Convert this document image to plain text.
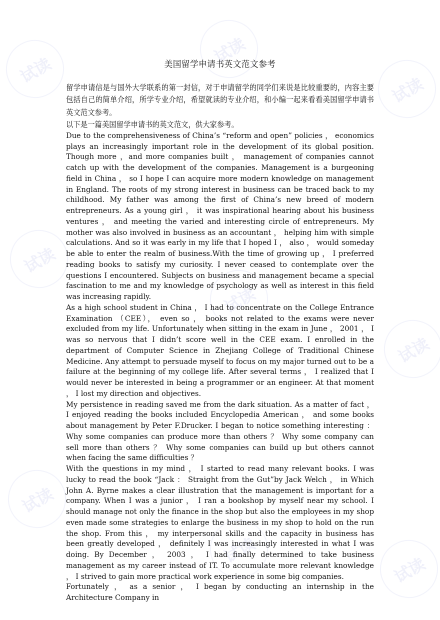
试读
试读
试读
试读
试读
试读
试读
试读
试读
美国留学申请书英文范文参考

留学申请信是与国外大学联系的第一封信，对于申请留学的同学们来说是比较重要的，内容主要包括自己的简单介绍，所学专业介绍，希望就读的专业介绍，和小编一起来看看美国留学申请书英文范文参考。

以下是一篇美国留学申请书的英文范文，供大家参考。

Due to the comprehensiveness of China’s “reform and open” policies ， economics plays an increasingly important role in the development of its global position. Though more ，and more companies built ， management of companies cannot catch up with the development of the companies. Management is a burgeoning field in China ， so I hope I can acquire more modern knowledge on management in England. The roots of my strong interest in business can be traced back to my childhood. My father was among the first of China’s new breed of modern entrepreneurs. As a young girl ， it was inspirational hearing about his business ventures ， and meeting the varied and interesting circle of entrepreneurs. My mother was also involved in business as an accountant ， helping him with simple calculations. And so it was early in my life that I hoped I ， also ， would someday be able to enter the realm of business.With the time of growing up ， I preferred reading books to satisfy my curiosity. I never ceased to contemplate over the questions I encountered. Subjects on business and management became a special fascination to me and my knowledge of psychology as well as interest in this field was increasing rapidly.

As a high school student in China ， I had to concentrate on the College Entrance Examination （CEE）， even so ， books not related to the exams were never excluded from my life. Unfortunately when sitting in the exam in June ， 2001 ， I was so nervous that I didn’t score well in the CEE exam. I enrolled in the department of Computer Science in Zhejiang College of Traditional Chinese Medicine. Any attempt to persuade myself to focus on my major turned out to be a failure at the beginning of my college life. After several terms ， I realized that I would never be interested in being a programmer or an engineer. At that moment ， I lost my direction and objectives.

My persistence in reading saved me from the dark situation. As a matter of fact ， I enjoyed reading the books included Encyclopedia American ， and some books about management by Peter F.Drucker. I began to notice something interesting ： Why some companies can produce more than others ？ Why some company can sell more than others ？ Why some companies can build up but others cannot when facing the same difficulties ？

With the questions in my mind ， I started to read many relevant books. I was lucky to read the book “Jack ： Straight from the Gut”by Jack Welch ， in Which John A. Byrne makes a clear illustration that the management is important for a company. When I was a junior ， I ran a bookshop by myself near my school. I should manage not only the finance in the shop but also the employees in my shop even made some strategies to enlarge the business in my shop to hold on the run the shop. From this ， my interpersonal skills and the capacity in business has been greatly developed ， definitely I was increasingly interested in what I was doing. By December ， 2003 ， I had finally determined to take business management as my career instead of IT. To accumulate more relevant knowledge ， I strived to gain more practical work experience in some big companies.

Fortunately ， as a senior ， I began by conducting an internship in the Architecture Company in
